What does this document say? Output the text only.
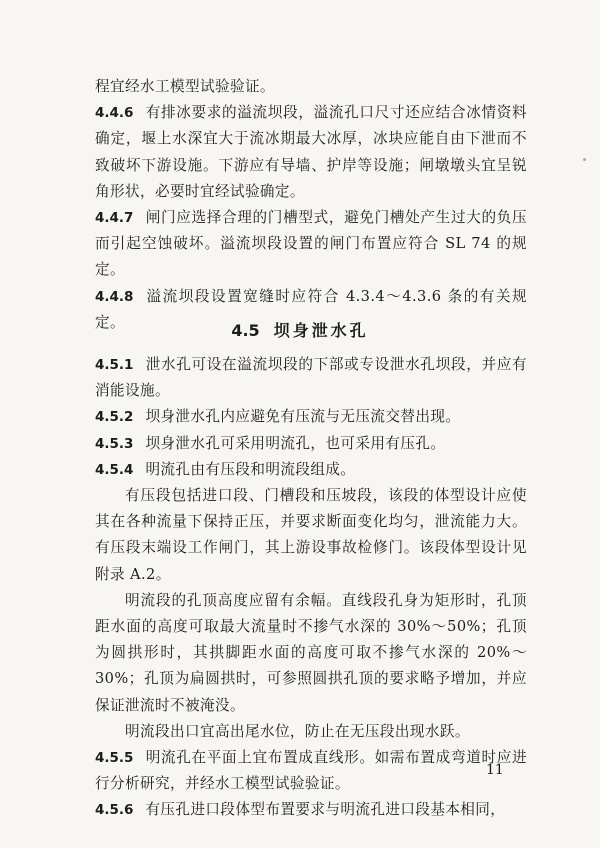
程宜经水工模型试验验证。
4.4.6 有排冰要求的溢流坝段，溢流孔口尺寸还应结合冰情资料确定，堰上水深宜大于流冰期最大冰厚，冰块应能自由下泄而不致破坏下游设施。下游应有导墙、护岸等设施；闸墩墩头宜呈锐角形状，必要时宜经试验确定。
4.4.7 闸门应选择合理的门槽型式，避免门槽处产生过大的负压而引起空蚀破坏。溢流坝段设置的闸门布置应符合 SL 74 的规定。
4.4.8 溢流坝段设置宽缝时应符合 4.3.4～4.3.6 条的有关规定。	4.5 坝身泄水孔
4.5.1 泄水孔可设在溢流坝段的下部或专设泄水孔坝段，并应有消能设施。
4.5.2 坝身泄水孔内应避免有压流与无压流交替出现。
4.5.3 坝身泄水孔可采用明流孔，也可采用有压孔。
4.5.4 明流孔由有压段和明流段组成。
有压段包括进口段、门槽段和压坡段，该段的体型设计应使其在各种流量下保持正压，并要求断面变化均匀，泄流能力大。有压段末端设工作闸门，其上游设事故检修门。该段体型设计见附录 A.2。
明流段的孔顶高度应留有余幅。直线段孔身为矩形时，孔顶距水面的高度可取最大流量时不掺气水深的 30%～50%；孔顶为圆拱形时，其拱脚距水面的高度可取不掺气水深的 20%～30%；孔顶为扁圆拱时，可参照圆拱孔顶的要求略予增加，并应保证泄流时不被淹没。
明流段出口宜高出尾水位，防止在无压段出现水跃。
4.5.5 明流孔在平面上宜布置成直线形。如需布置成弯道时应进行分析研究，并经水工模型试验验证。
4.5.6 有压孔进口段体型布置要求与明流孔进口段基本相同，
11
